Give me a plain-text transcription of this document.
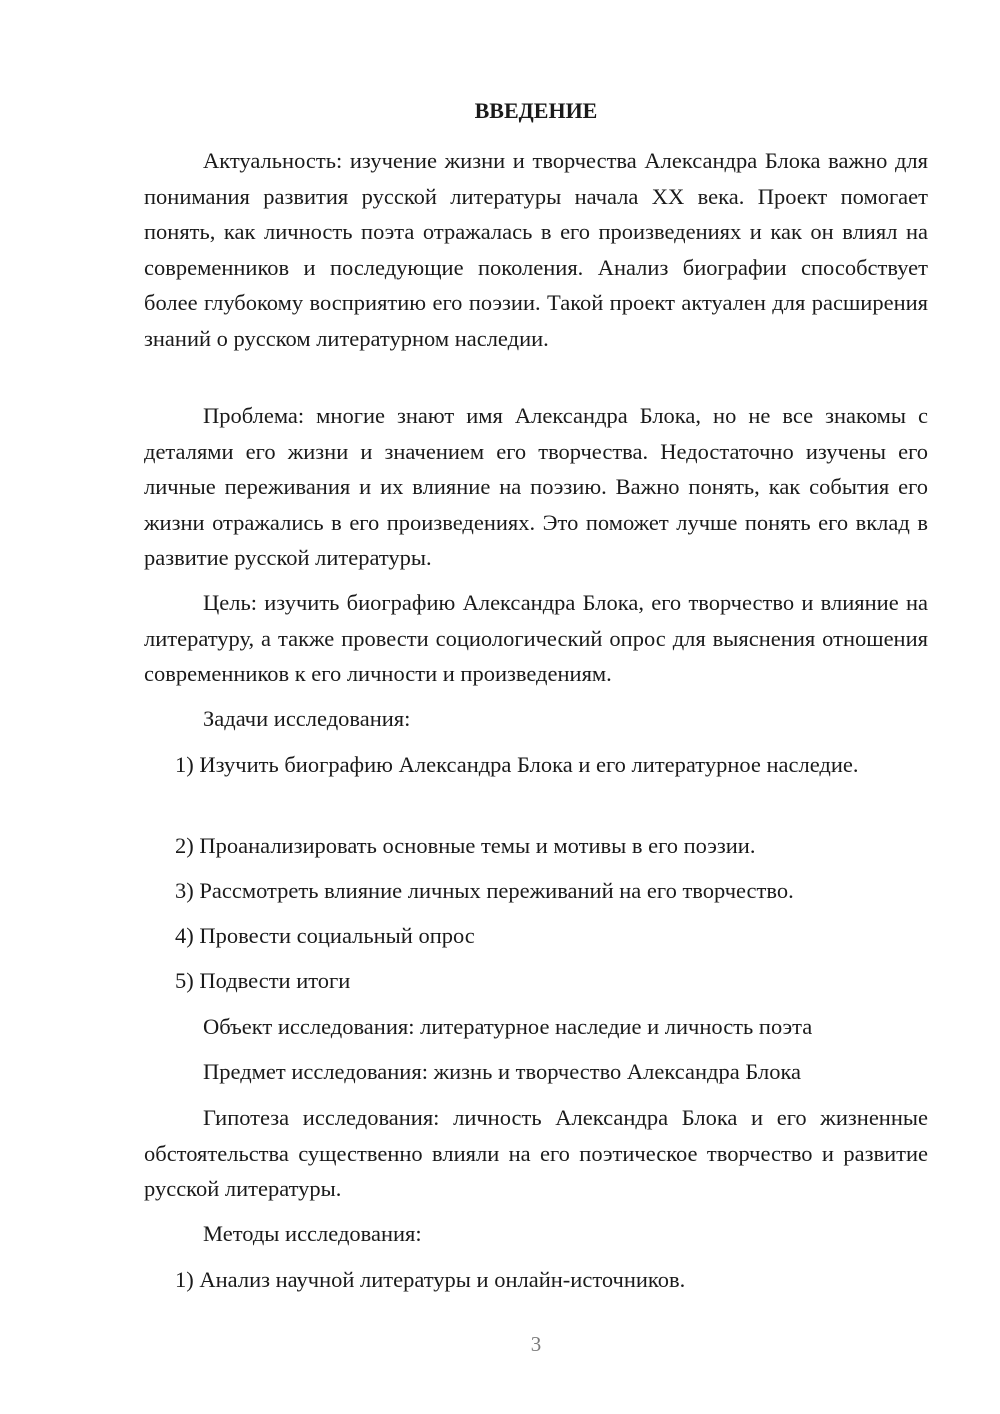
ВВЕДЕНИЕ

Актуальность: изучение жизни и творчества Александра Блока важно для понимания развития русской литературы начала XX века. Проект помогает понять, как личность поэта отражалась в его произведениях и как он влиял на современников и последующие поколения. Анализ биографии способствует более глубокому восприятию его поэзии. Такой проект актуален для расширения знаний о русском литературном наследии.

Проблема: многие знают имя Александра Блока, но не все знакомы с деталями его жизни и значением его творчества. Недостаточно изучены его личные переживания и их влияние на поэзию. Важно понять, как события его жизни отражались в его произведениях. Это поможет лучше понять его вклад в развитие русской литературы.

Цель: изучить биографию Александра Блока, его творчество и влияние на литературу, а также провести социологический опрос для выяснения отношения современников к его личности и произведениям.

Задачи исследования:

1) Изучить биографию Александра Блока и его литературное наследие.

2) Проанализировать основные темы и мотивы в его поэзии.

3) Рассмотреть влияние личных переживаний на его творчество.

4) Провести социальный опрос

5) Подвести итоги

Объект исследования: литературное наследие и личность поэта

Предмет исследования: жизнь и творчество Александра Блока

Гипотеза исследования: личность Александра Блока и его жизненные обстоятельства существенно влияли на его поэтическое творчество и развитие русской литературы.

Методы исследования:

1) Анализ научной литературы и онлайн-источников.

3
